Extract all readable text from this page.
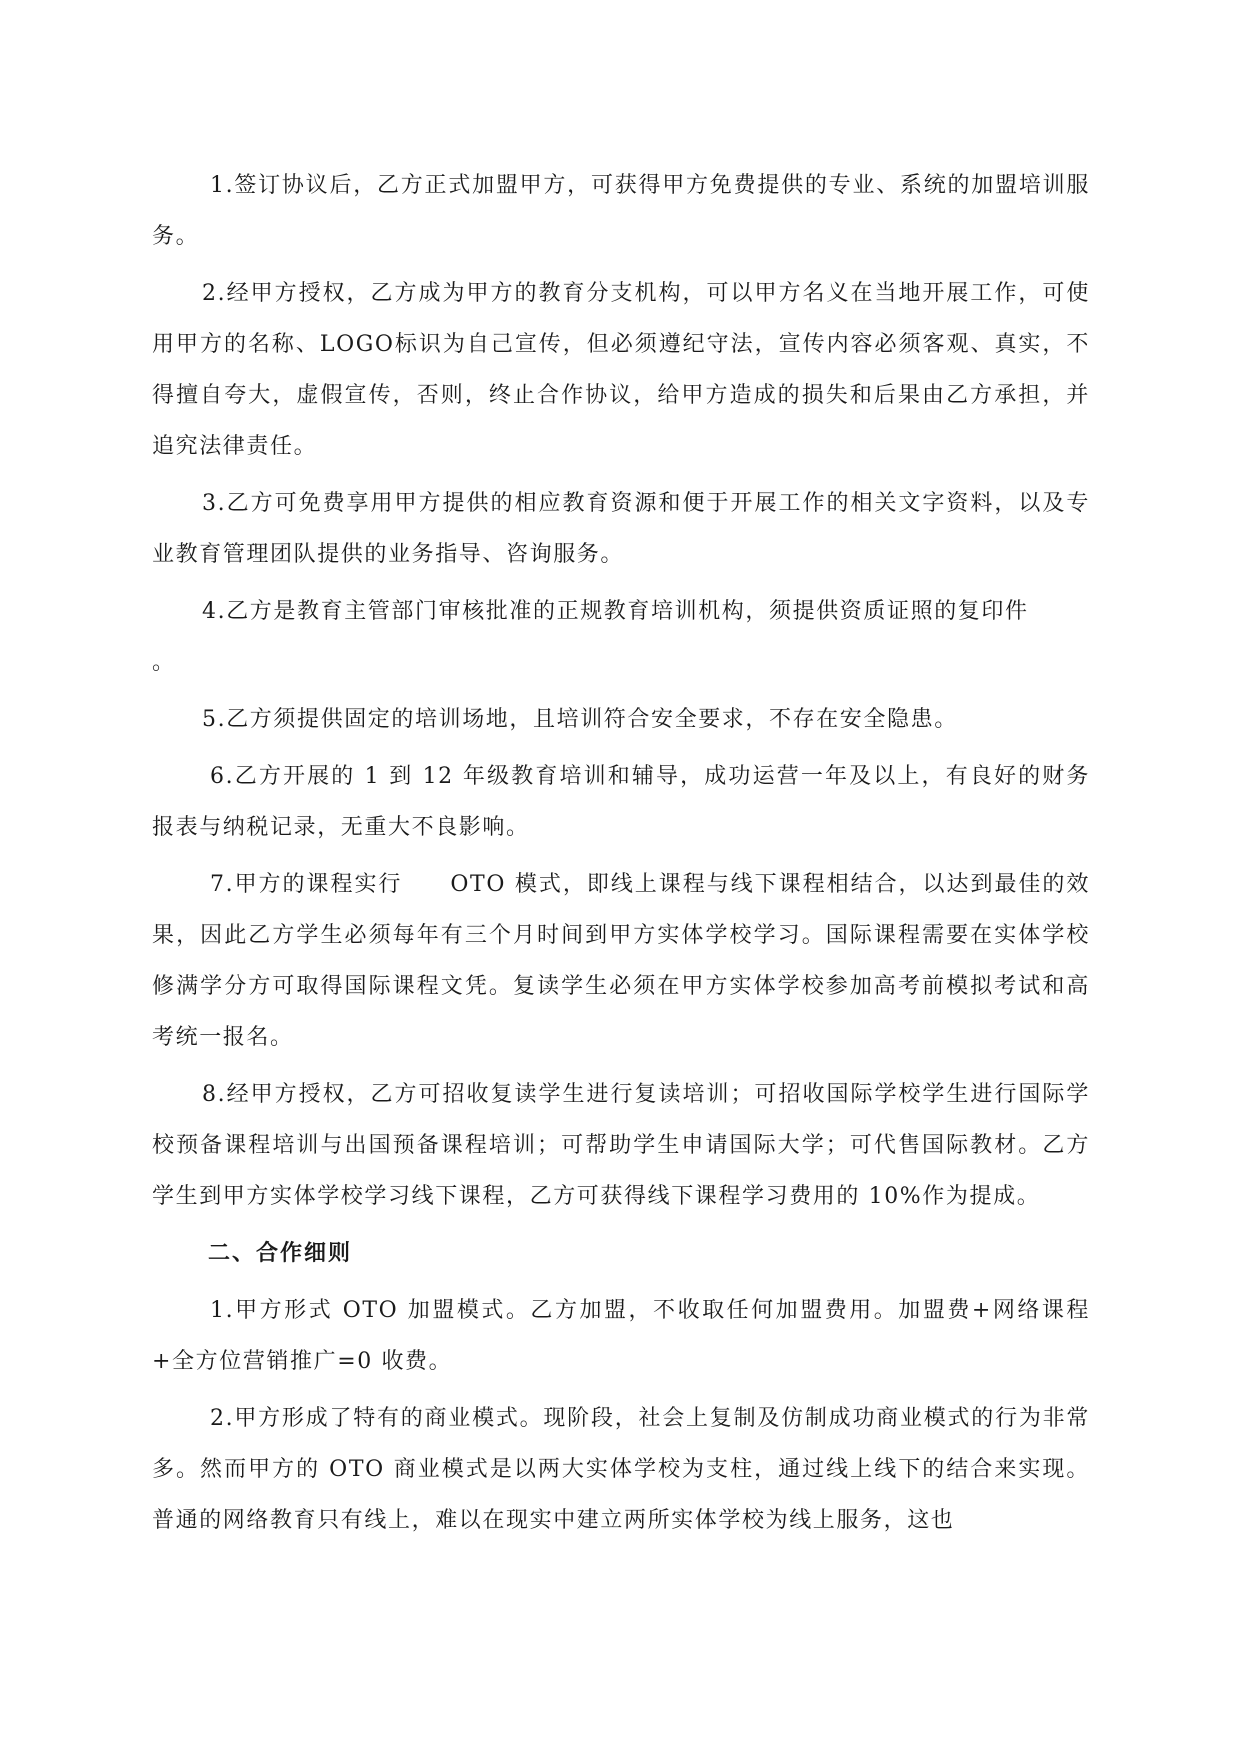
1.签订协议后，乙方正式加盟甲方，可获得甲方免费提供的专业、系统的加盟培训服务。

2.经甲方授权，乙方成为甲方的教育分支机构，可以甲方名义在当地开展工作，可使用甲方的名称、LOGO标识为自己宣传，但必须遵纪守法，宣传内容必须客观、真实，不得擅自夸大，虚假宣传，否则，终止合作协议，给甲方造成的损失和后果由乙方承担，并追究法律责任。

3.乙方可免费享用甲方提供的相应教育资源和便于开展工作的相关文字资料，以及专业教育管理团队提供的业务指导、咨询服务。

4.乙方是教育主管部门审核批准的正规教育培训机构，须提供资质证照的复印件
。

5.乙方须提供固定的培训场地，且培训符合安全要求，不存在安全隐患。

6.乙方开展的 1 到 12 年级教育培训和辅导，成功运营一年及以上，有良好的财务报表与纳税记录，无重大不良影响。

7.甲方的课程实行 OTO 模式，即线上课程与线下课程相结合，以达到最佳的效果，因此乙方学生必须每年有三个月时间到甲方实体学校学习。国际课程需要在实体学校修满学分方可取得国际课程文凭。复读学生必须在甲方实体学校参加高考前模拟考试和高考统一报名。

8.经甲方授权，乙方可招收复读学生进行复读培训；可招收国际学校学生进行国际学校预备课程培训与出国预备课程培训；可帮助学生申请国际大学；可代售国际教材。乙方学生到甲方实体学校学习线下课程，乙方可获得线下课程学习费用的 10%作为提成。

二、合作细则

1.甲方形式 OTO 加盟模式。乙方加盟，不收取任何加盟费用。加盟费+网络课程+全方位营销推广=0 收费。

2.甲方形成了特有的商业模式。现阶段，社会上复制及仿制成功商业模式的行为非常多。然而甲方的 OTO 商业模式是以两大实体学校为支柱，通过线上线下的结合来实现。普通的网络教育只有线上，难以在现实中建立两所实体学校为线上服务，这也
